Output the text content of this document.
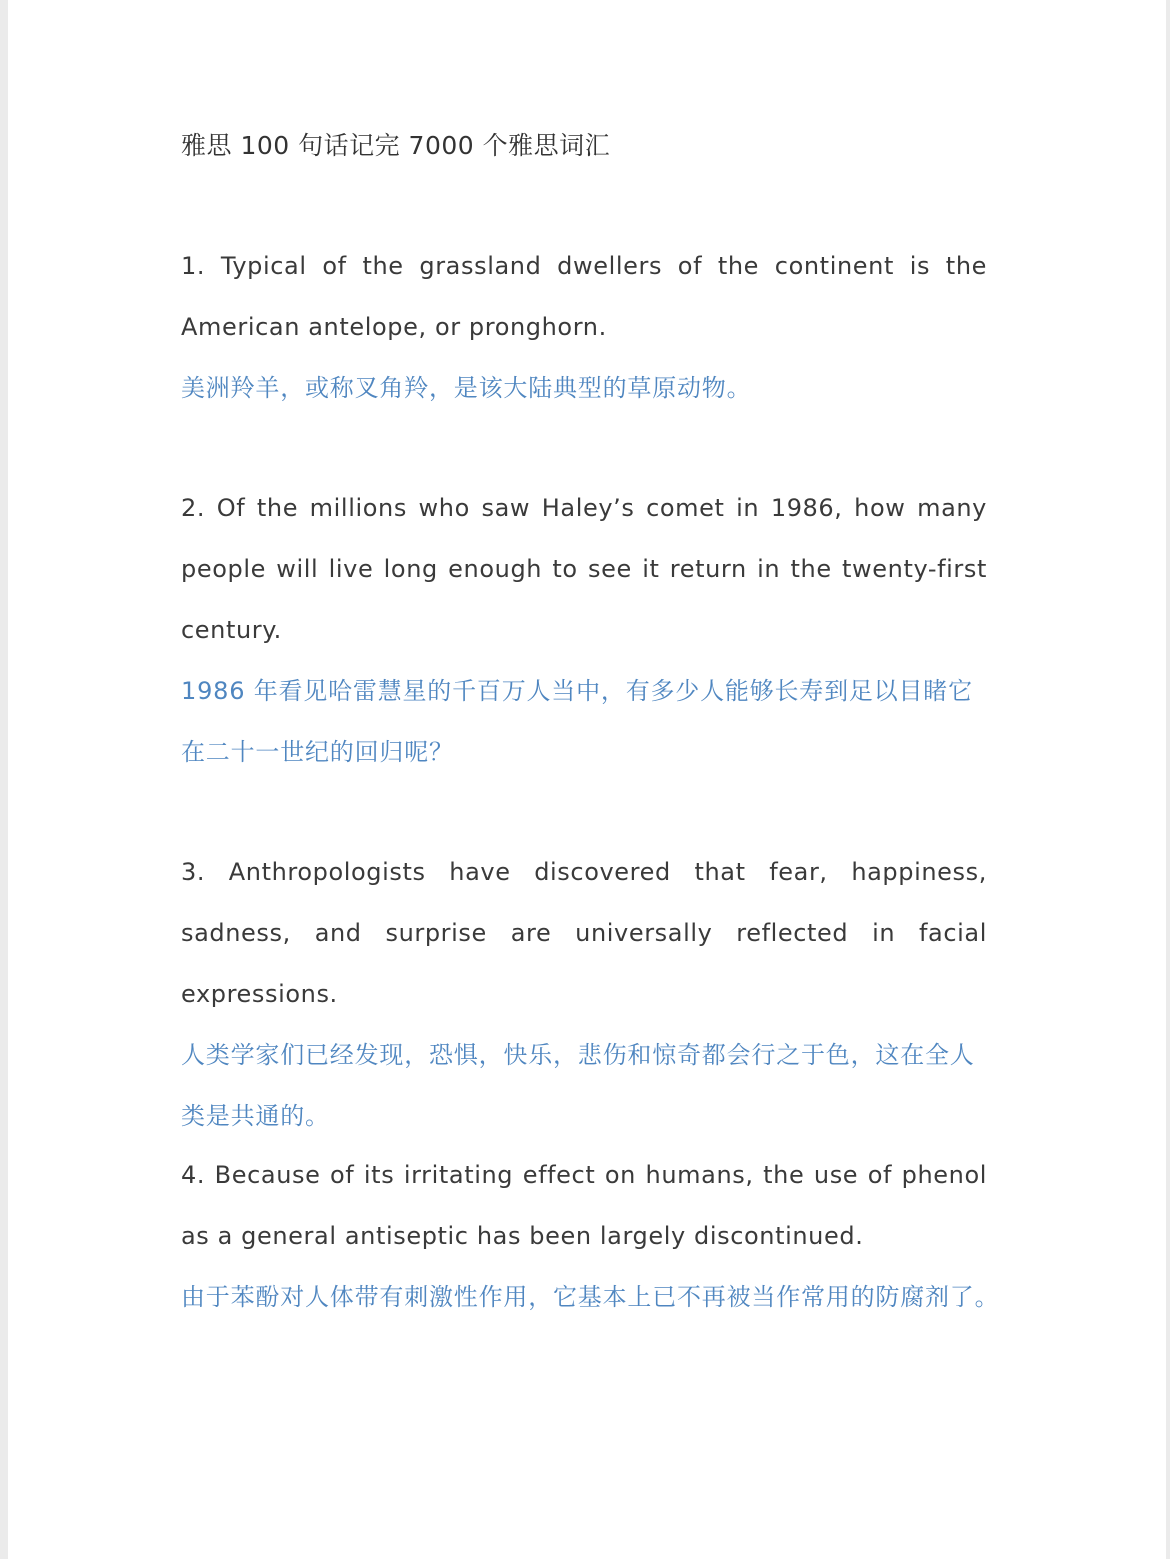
雅思 100 句话记完 7000 个雅思词汇

1. Typical of the grassland dwellers of the continent is the American antelope, or pronghorn.

美洲羚羊，或称叉角羚，是该大陆典型的草原动物。

2. Of the millions who saw Haley’s comet in 1986, how many people will live long enough to see it return in the twenty-first century.

1986 年看见哈雷慧星的千百万人当中，有多少人能够长寿到足以目睹它

在二十一世纪的回归呢？

3. Anthropologists have discovered that fear, happiness, sadness, and surprise are universally reflected in facial expressions.

人类学家们已经发现，恐惧，快乐，悲伤和惊奇都会行之于色，这在全人

类是共通的。

4. Because of its irritating effect on humans, the use of phenol as a general antiseptic has been largely discontinued.

由于苯酚对人体带有刺激性作用，它基本上已不再被当作常用的防腐剂了。
